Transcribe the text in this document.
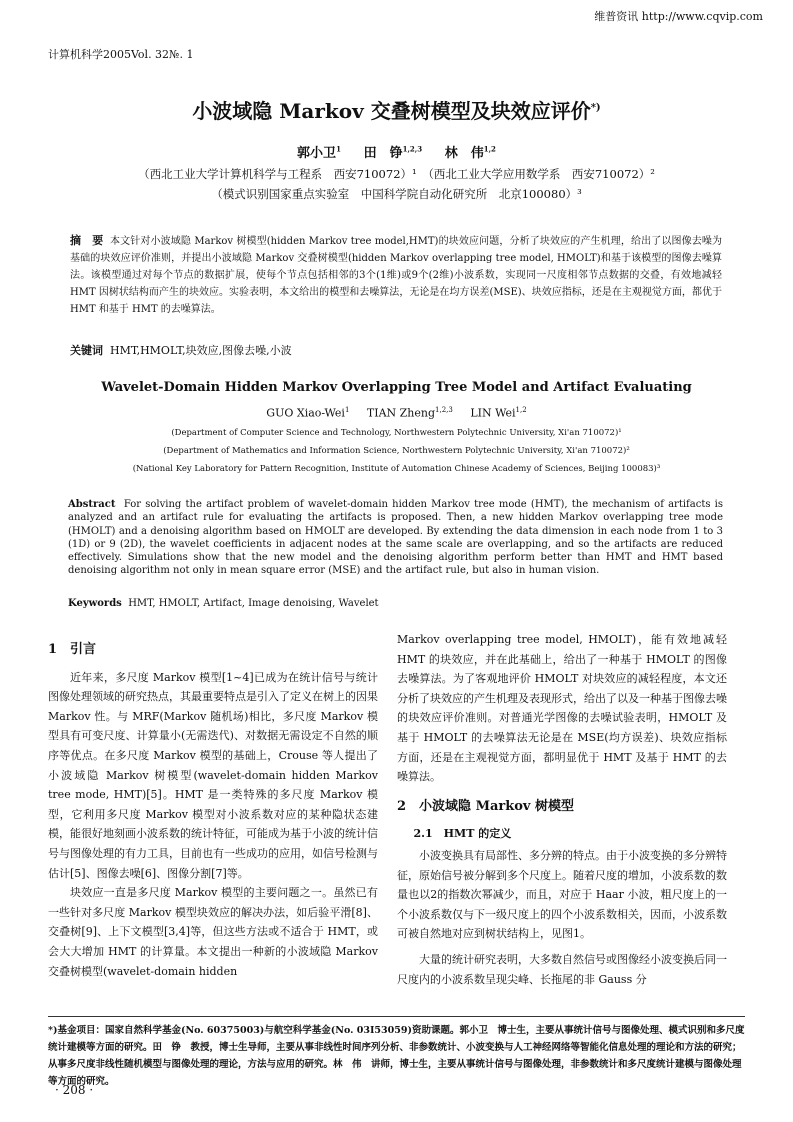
维普资讯 http://www.cqvip.com
计算机科学2005Vol. 32№. 1
小波域隐 Markov 交叠树模型及块效应评价*)
郭小卫$^1$ 田　铮$^{1,2,3}$ 林　伟$^{1,2}$
（西北工业大学计算机科学与工程系　西安710072）¹　（西北工业大学应用数学系　西安710072）²
（模式识别国家重点实验室　中国科学院自动化研究所　北京100080）³
摘　要 本文针对小波域隐 Markov 树模型(hidden Markov tree model,HMT)的块效应问题，分析了块效应的产生机理，给出了以图像去噪为基础的块效应评价准则，并提出小波域隐 Markov 交叠树模型(hidden Markov overlapping tree model, HMOLT)和基于该模型的图像去噪算法。该模型通过对每个节点的数据扩展，使每个节点包括相邻的3个(1维)或9个(2维)小波系数，实现同一尺度相邻节点数据的交叠，有效地减轻 HMT 因树状结构而产生的块效应。实验表明，本文给出的模型和去噪算法，无论是在均方误差(MSE)、块效应指标，还是在主观视觉方面，都优于 HMT 和基于 HMT 的去噪算法。
关键词 HMT,HMOLT,块效应,图像去噪,小波
Wavelet-Domain Hidden Markov Overlapping Tree Model and Artifact Evaluating
GUO Xiao-Wei$^1$ TIAN Zheng$^{1,2,3}$ LIN Wei$^{1,2}$
(Department of Computer Science and Technology, Northwestern Polytechnic University, Xi'an 710072)¹
(Department of Mathematics and Information Science, Northwestern Polytechnic University, Xi'an 710072)²
(National Key Laboratory for Pattern Recognition, Institute of Automation Chinese Academy of Sciences, Beijing 100083)³
Abstract For solving the artifact problem of wavelet-domain hidden Markov tree mode (HMT), the mechanism of artifacts is analyzed and an artifact rule for evaluating the artifacts is proposed. Then, a new hidden Markov overlapping tree mode (HMOLT) and a denoising algorithm based on HMOLT are developed. By extending the data dimension in each node from 1 to 3 (1D) or 9 (2D), the wavelet coefficients in adjacent nodes at the same scale are overlapping, and so the artifacts are reduced effectively. Simulations show that the new model and the denoising algorithm perform better than HMT and HMT based denoising algorithm not only in mean square error (MSE) and the artifact rule, but also in human vision.
Keywords HMT, HMOLT, Artifact, Image denoising, Wavelet
1　引言

近年来，多尺度 Markov 模型[1~4]已成为在统计信号与统计图像处理领域的研究热点，其最重要特点是引入了定义在树上的因果 Markov 性。与 MRF(Markov 随机场)相比，多尺度 Markov 模型具有可变尺度、计算量小(无需迭代)、对数据无需设定不自然的顺序等优点。在多尺度 Markov 模型的基础上，Crouse 等人提出了小波域隐 Markov 树模型(wavelet-domain hidden Markov tree mode, HMT)[5]。HMT 是一类特殊的多尺度 Markov 模型，它利用多尺度 Markov 模型对小波系数对应的某种隐状态建模，能很好地刻画小波系数的统计特征，可能成为基于小波的统计信号与图像处理的有力工具，目前也有一些成功的应用，如信号检测与估计[5]、图像去噪[6]、图像分割[7]等。

块效应一直是多尺度 Markov 模型的主要问题之一。虽然已有一些针对多尺度 Markov 模型块效应的解决办法，如后验平滑[8]、交叠树[9]、上下文模型[3,4]等，但这些方法或不适合于 HMT，或会大大增加 HMT 的计算量。本文提出一种新的小波域隐 Markov 交叠树模型(wavelet-domain hidden

Markov overlapping tree model, HMOLT)，能有效地减轻 HMT 的块效应，并在此基础上，给出了一种基于 HMOLT 的图像去噪算法。为了客观地评价 HMOLT 对块效应的减轻程度，本文还分析了块效应的产生机理及表现形式，给出了以及一种基于图像去噪的块效应评价准则。对普通光学图像的去噪试验表明，HMOLT 及基于 HMOLT 的去噪算法无论是在 MSE(均方误差)、块效应指标方面，还是在主观视觉方面，都明显优于 HMT 及基于 HMT 的去噪算法。

2　小波域隐 Markov 树模型
2.1　HMT 的定义

小波变换具有局部性、多分辨的特点。由于小波变换的多分辨特征，原始信号被分解到多个尺度上。随着尺度的增加，小波系数的数量也以2的指数次幂减少，而且，对应于 Haar 小波，粗尺度上的一个小波系数仅与下一级尺度上的四个小波系数相关，因而，小波系数可被自然地对应到树状结构上，见图1。

大量的统计研究表明，大多数自然信号或图像经小波变换后同一尺度内的小波系数呈现尖峰、长拖尾的非 Gauss 分

*)基金项目：国家自然科学基金(No. 60375003)与航空科学基金(No. 03I53059)资助课题。郭小卫　博士生，主要从事统计信号与图像处理、模式识别和多尺度统计建模等方面的研究。田　铮　教授，博士生导师，主要从事非线性时间序列分析、非参数统计、小波变换与人工神经网络等智能化信息处理的理论和方法的研究；从事多尺度非线性随机模型与图像处理的理论，方法与应用的研究。林　伟　讲师，博士生，主要从事统计信号与图像处理，非参数统计和多尺度统计建模与图像处理等方面的研究。
· 208 ·
